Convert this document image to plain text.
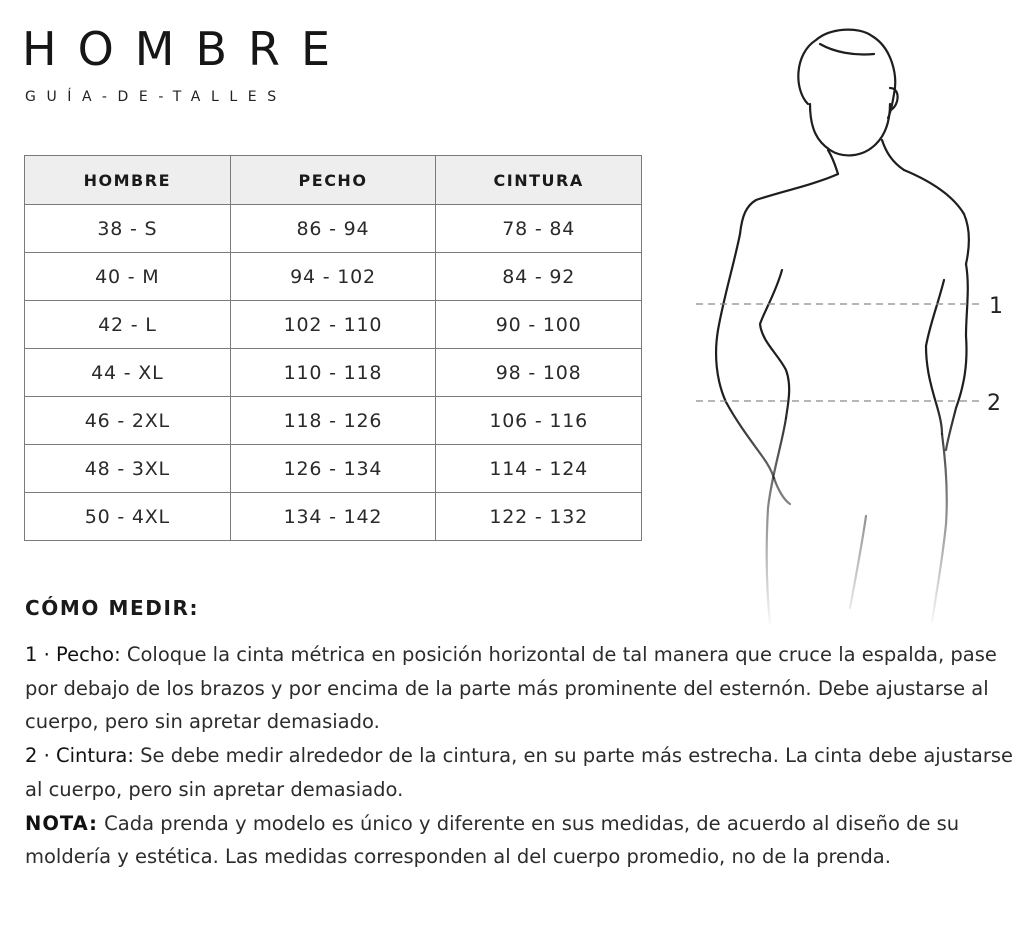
HOMBRE
GUÍA-DE-TALLES
HOMBRE	PECHO	CINTURA
38 - S	86 - 94	78 - 84
40 - M	94 - 102	84 - 92
42 - L	102 - 110	90 - 100
44 - XL	110 - 118	98 - 108
46 - 2XL	118 - 126	106 - 116
48 - 3XL	126 - 134	114 - 124
50 - 4XL	134 - 142	122 - 132
1
2
CÓMO MEDIR:

1 · Pecho: Coloque la cinta métrica en posición horizontal de tal manera que cruce la espalda, pase por debajo de los brazos y por encima de la parte más prominente del esternón. Debe ajustarse al cuerpo, pero sin apretar demasiado.

2 · Cintura: Se debe medir alrededor de la cintura, en su parte más estrecha. La cinta debe ajustarse al cuerpo, pero sin apretar demasiado.

NOTA: Cada prenda y modelo es único y diferente en sus medidas, de acuerdo al diseño de su moldería y estética. Las medidas corresponden al del cuerpo promedio, no de la prenda.
